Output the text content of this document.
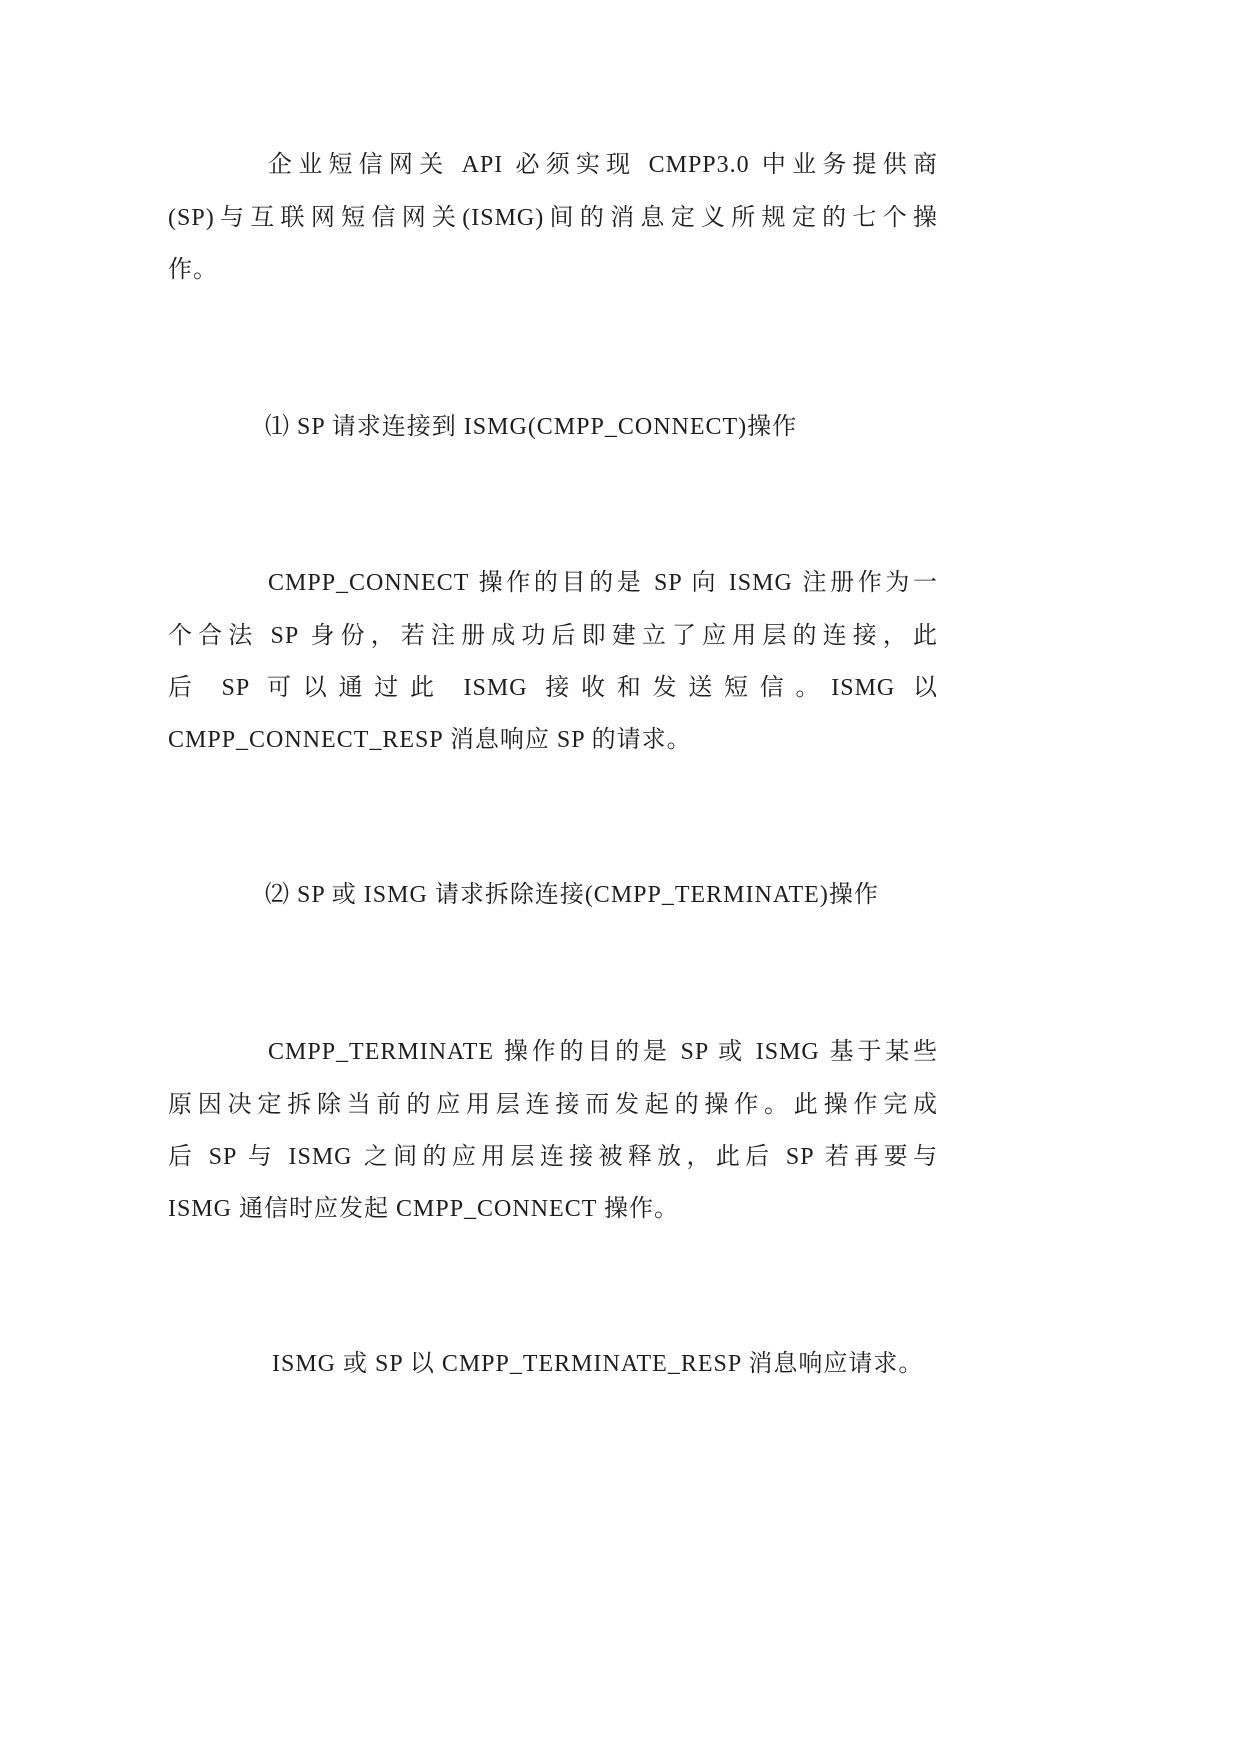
企业短信网关 API 必须实现 CMPP3.0 中业务提供商
(SP)与互联网短信网关(ISMG)间的消息定义所规定的七个操
作。
⑴ SP 请求连接到 ISMG(CMPP_CONNECT)操作
CMPP_CONNECT 操作的目的是 SP 向 ISMG 注册作为一
个合法 SP 身份，若注册成功后即建立了应用层的连接，此
后 SP 可以通过此 ISMG 接收和发送短信。ISMG 以
CMPP_CONNECT_RESP 消息响应 SP 的请求。
⑵ SP 或 ISMG 请求拆除连接(CMPP_TERMINATE)操作
CMPP_TERMINATE 操作的目的是 SP 或 ISMG 基于某些
原因决定拆除当前的应用层连接而发起的操作。此操作完成
后 SP 与 ISMG 之间的应用层连接被释放，此后 SP 若再要与
ISMG 通信时应发起 CMPP_CONNECT 操作。
ISMG 或 SP 以 CMPP_TERMINATE_RESP 消息响应请求。
